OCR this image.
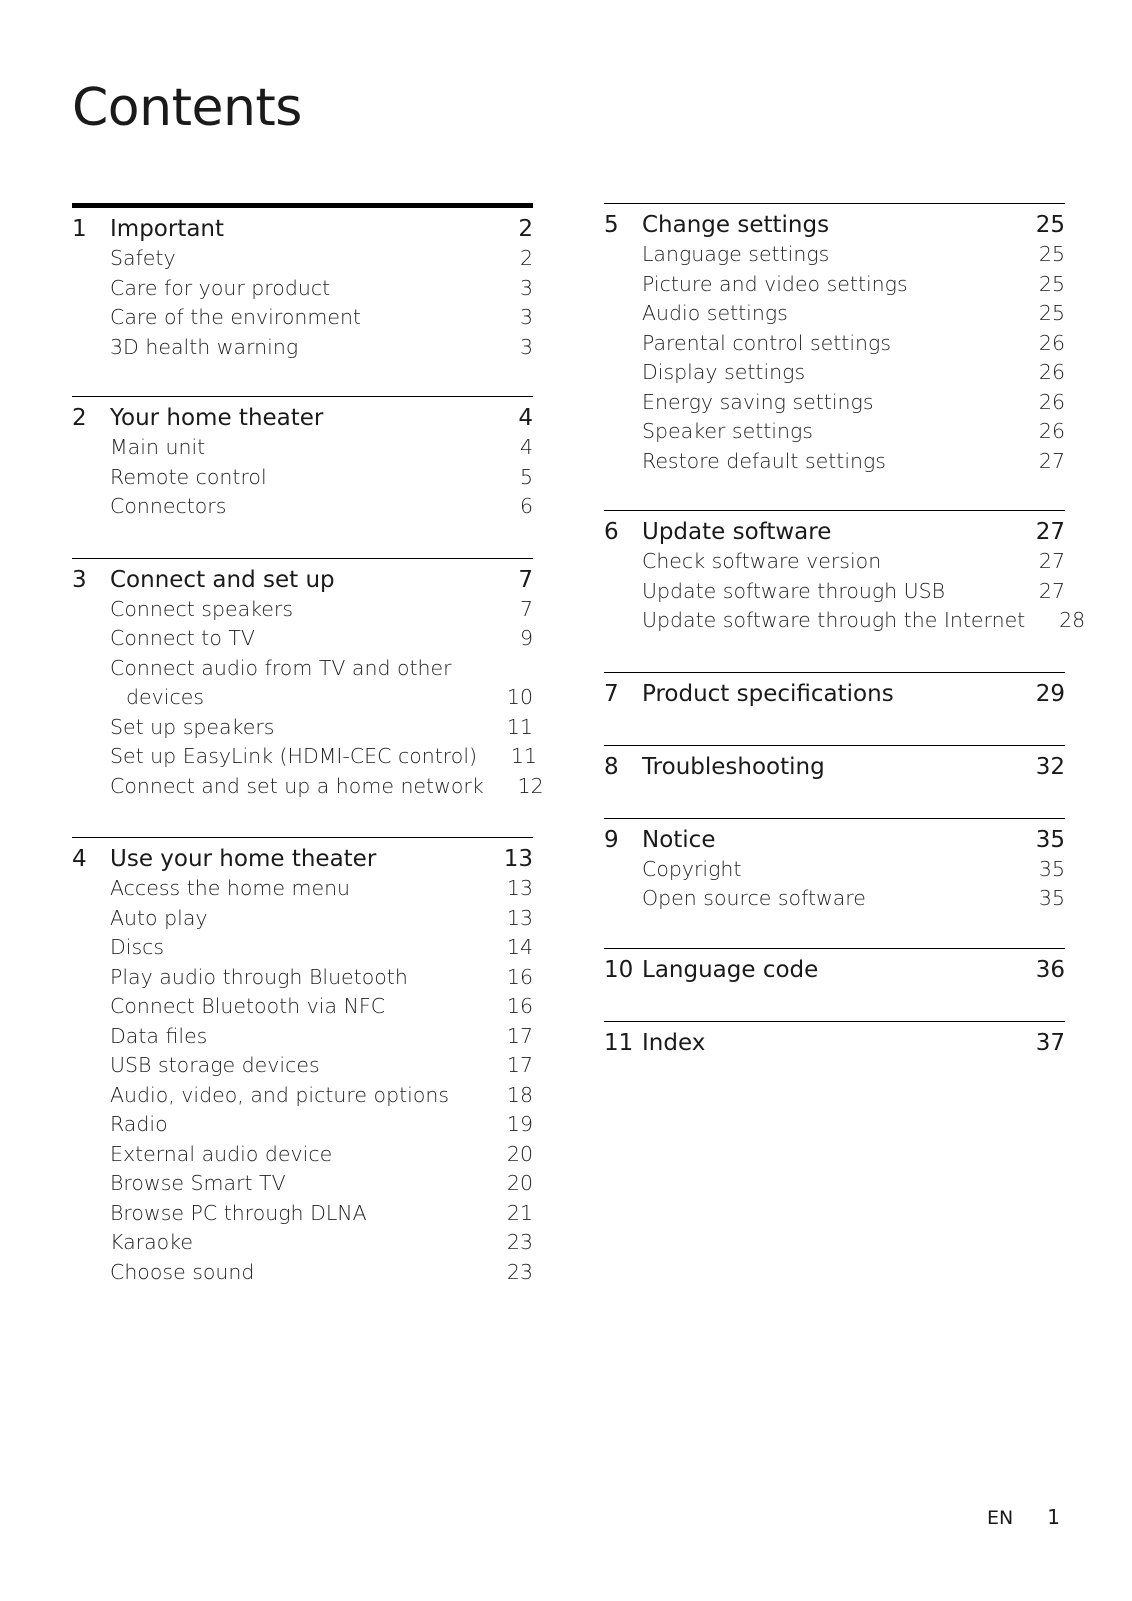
Contents
1	Important	2
Safety	2
Care for your product	3
Care of the environment	3
3D health warning	3
2	Your home theater	4
Main unit	4
Remote control	5
Connectors	6
3	Connect and set up	7
Connect speakers	7
Connect to TV	9
Connect audio from TV and other
devices	10
Set up speakers	11
Set up EasyLink (HDMI-CEC control)	11
Connect and set up a home network	12
4	Use your home theater	13
Access the home menu	13
Auto play	13
Discs	14
Play audio through Bluetooth	16
Connect Bluetooth via NFC	16
Data files	17
USB storage devices	17
Audio, video, and picture options	18
Radio	19
External audio device	20
Browse Smart TV	20
Browse PC through DLNA	21
Karaoke	23
Choose sound	23
5	Change settings	25
Language settings	25
Picture and video settings	25
Audio settings	25
Parental control settings	26
Display settings	26
Energy saving settings	26
Speaker settings	26
Restore default settings	27
6	Update software	27
Check software version	27
Update software through USB	27
Update software through the Internet	28
7	Product specifications	29
8	Troubleshooting	32
9	Notice	35
Copyright	35
Open source software	35
10 Language code	36
11 Index	37
EN 1
